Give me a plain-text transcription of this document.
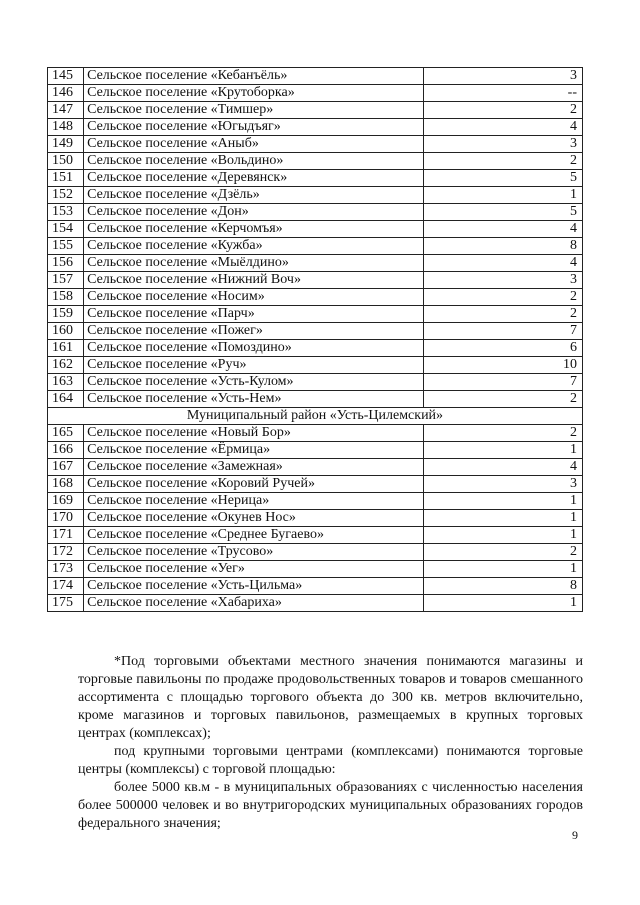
145	Сельское поселение «Кебанъёль»	3
146	Сельское поселение «Крутоборка»	--
147	Сельское поселение «Тимшер»	2
148	Сельское поселение «Югыдъяг»	4
149	Сельское поселение «Аныб»	3
150	Сельское поселение «Вольдино»	2
151	Сельское поселение «Деревянск»	5
152	Сельское поселение «Дзёль»	1
153	Сельское поселение «Дон»	5
154	Сельское поселение «Керчомъя»	4
155	Сельское поселение «Кужба»	8
156	Сельское поселение «Мыёлдино»	4
157	Сельское поселение «Нижний Воч»	3
158	Сельское поселение «Носим»	2
159	Сельское поселение «Парч»	2
160	Сельское поселение «Пожег»	7
161	Сельское поселение «Помоздино»	6
162	Сельское поселение «Руч»	10
163	Сельское поселение «Усть-Кулом»	7
164	Сельское поселение «Усть-Нем»	2
Муниципальный район «Усть-Цилемский»		
165	Сельское поселение «Новый Бор»	2
166	Сельское поселение «Ёрмица»	1
167	Сельское поселение «Замежная»	4
168	Сельское поселение «Коровий Ручей»	3
169	Сельское поселение «Нерица»	1
170	Сельское поселение «Окунев Нос»	1
171	Сельское поселение «Среднее Бугаево»	1
172	Сельское поселение «Трусово»	2
173	Сельское поселение «Уег»	1
174	Сельское поселение «Усть-Цильма»	8
175	Сельское поселение «Хабариха»	1

*Под торговыми объектами местного значения понимаются магазины и торговые павильоны по продаже продовольственных товаров и товаров смешанного ассортимента с площадью торгового объекта до 300 кв. метров включительно, кроме магазинов и торговых павильонов, размещаемых в крупных торговых центрах (комплексах);

под крупными торговыми центрами (комплексами) понимаются торговые центры (комплексы) с торговой площадью:

более 5000 кв.м - в муниципальных образованиях с численностью населения более 500000 человек и во внутригородских муниципальных образованиях городов федерального значения;

9
